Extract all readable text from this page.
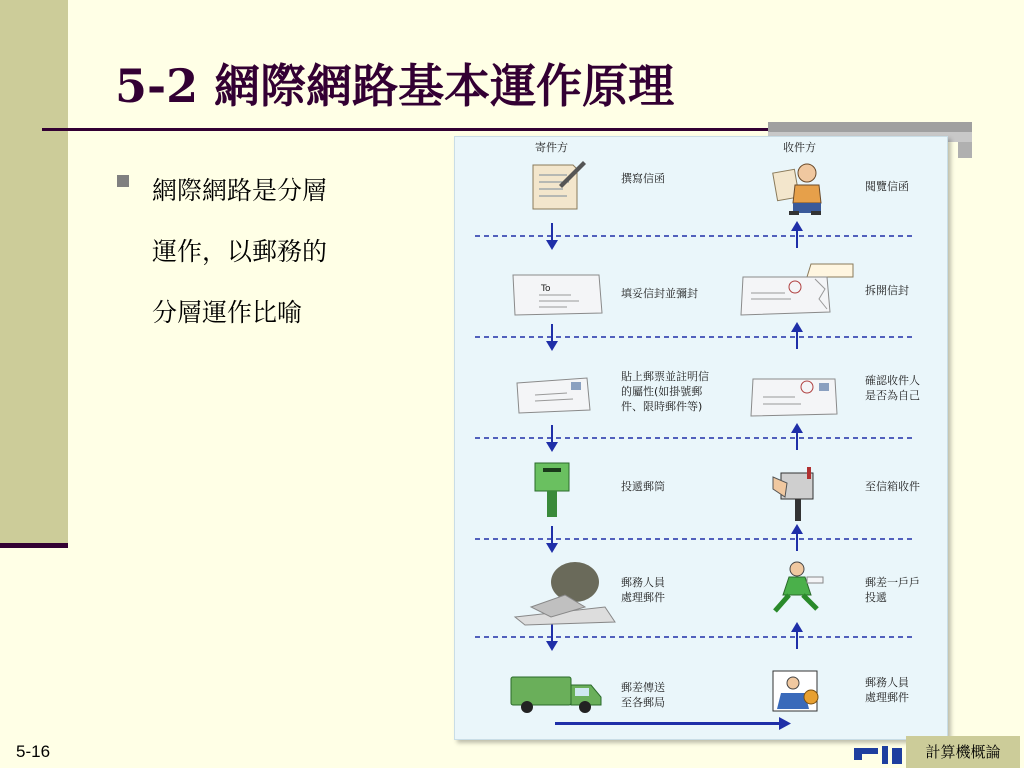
5-2 網際網路基本運作原理
網際網路是分層
運作，以郵務的
分層運作比喻
寄件方	收件方
撰寫信函
填妥信封並彌封
貼上郵票並註明信
的屬性(如掛號郵
件、限時郵件等)
投遞郵筒
郵務人員
處理郵件
郵差傳送
至各郵局
閱覽信函
拆開信封
確認收件人
是否為自己
至信箱收件
郵差一戶戶
投遞
郵務人員
處理郵件
To
5-16	計算機概論
